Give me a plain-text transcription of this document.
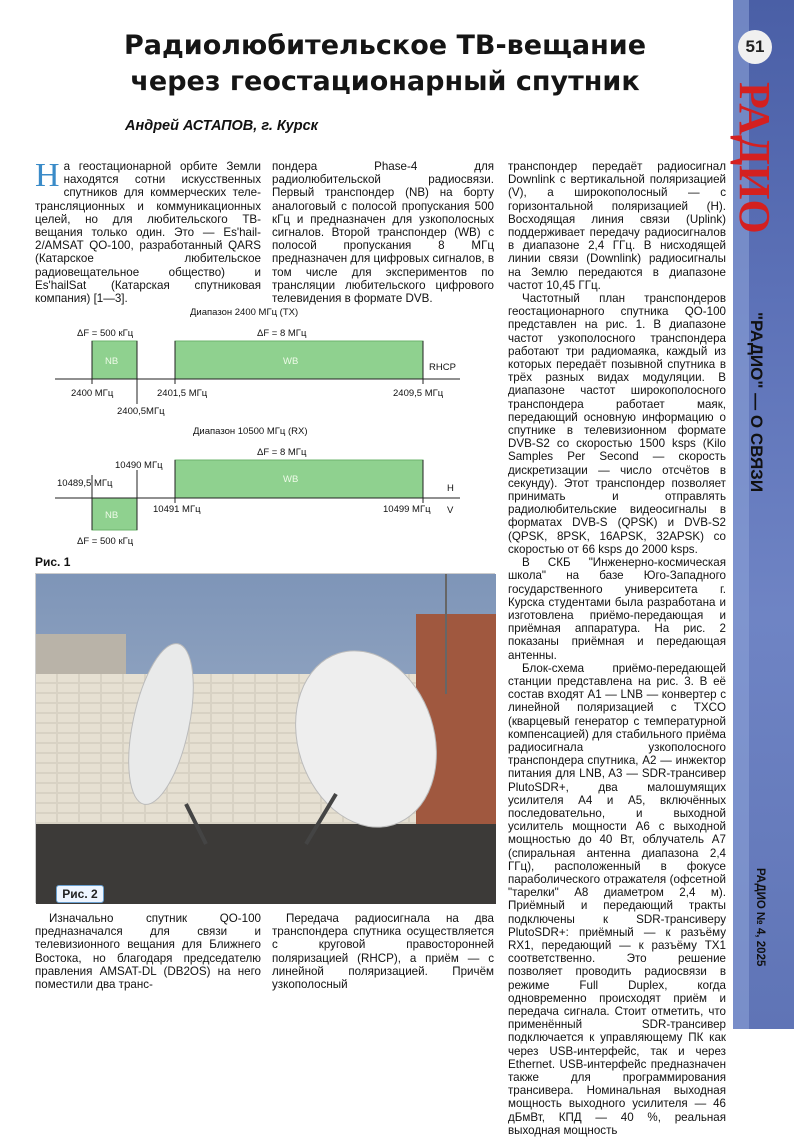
51
РАДИО
"РАДИО" — О СВЯЗИ
РАДИО № 4, 2025
Радиолюбительское ТВ-вещание
через геостационарный спутник
Андрей АСТАПОВ, г. Курск

На геостационарной орбите Земли находятся сотни искусственных спутников для коммерческих теле-трансляционных и коммуникационных целей, но для любительского ТВ-вещания только один. Это — Es'hail-2/AMSAT QO-100, разработанный QARS (Катарское любительское радиовещательное общество) и Es'hailSat (Катарская спутниковая компания) [1—3].

пондера Phase-4 для радиолюбительской радиосвязи. Первый транспондер (NB) на борту аналоговый с полосой пропускания 500 кГц и предназначен для узкополосных сигналов. Второй транспондер (WB) с полосой пропускания 8 МГц предназначен для цифровых сигналов, в том числе для экспериментов по трансляции любительского цифрового телевидения в формате DVB.

транспондер передаёт радиосигнал Downlink с вертикальной поляризацией (V), а широкополосный — с горизонтальной поляризацией (H). Восходящая линия связи (Uplink) поддерживает передачу радиосигналов в диапазоне 2,4 ГГц. В нисходящей линии связи (Downlink) радиосигналы на Землю передаются в диапазоне частот 10,45 ГГц.

Частотный план транспондеров геостационарного спутника QO-100 представлен на рис. 1. В диапазоне частот узкополосного транспондера работают три радиомаяка, каждый из которых передаёт позывной спутника в трёх разных видах модуляции. В диапазоне частот широкополосного транспондера работает маяк, передающий основную информацию о спутнике в телевизионном формате DVB-S2 со скоростью 1500 ksps (Kilo Samples Per Second — скорость дискретизации — число отсчётов в секунду). Этот транспондер позволяет принимать и отправлять радиолюбительские видеосигналы в форматах DVB-S (QPSK) и DVB-S2 (QPSK, 8PSK, 16APSK, 32APSK) со скоростью от 66 ksps до 2000 ksps.

В СКБ "Инженерно-космическая школа" на базе Юго-Западного государственного университета г. Курска студентами была разработана и изготовлена приёмо-передающая и приёмная аппаратура. На рис. 2 показаны приёмная и передающая антенны.

Блок-схема приёмо-передающей станции представлена на рис. 3. В её состав входят A1 — LNB — конвертер с линейной поляризацией с TXCO (кварцевый генератор с температурной компенсацией) для стабильного приёма радиосигнала узкополосного транспондера спутника, A2 — инжектор питания для LNB, A3 — SDR-трансивер PlutoSDR+, два малошумящих усилителя A4 и A5, включённых последовательно, и выходной усилитель мощности A6 с выходной мощностью до 40 Вт, облучатель A7 (спиральная антенна диапазона 2,4 ГГц), расположенный в фокусе параболического отражателя (офсетной "тарелки" A8 диаметром 2,4 м). Приёмный и передающий тракты подключены к SDR-трансиверу PlutoSDR+: приёмный — к разъёму RX1, передающий — к разъёму TX1 соответственно. Это решение позволяет проводить радиосвязи в режиме Full Duplex, когда одновременно происходят приём и передача сигнала. Стоит отметить, что применённый SDR-трансивер подключается к управляющему ПК как через USB-интерфейс, так и через Ethernet. USB-интерфейс предназначен также для программирования трансивера. Номинальная выходная мощность выходного усилителя — 46 дБмВт, КПД — 40 %, реальная выходная мощность

Диапазон 2400 МГц (TX)
ΔF = 500 кГц	ΔF = 8 МГц
NB	WB
RHCP
2400 МГц	2401,5 МГц	2409,5 МГц
2400,5МГц
Диапазон 10500 МГц (RX)
ΔF = 8 МГц
10490 МГц
10489,5 МГц	WB
NB
H
V
10491 МГц	10499 МГц
ΔF = 500 кГц
Рис. 1
Рис. 2

Изначально спутник QO-100 предназначался для связи и телевизионного вещания для Ближнего Востока, но благодаря председателю правления AMSAT-DL (DB2OS) на него поместили два транс-

Передача радиосигнала на два транспондера спутника осуществляется с круговой правосторонней поляризацией (RHCP), а приём — с линейной поляризацией. Причём узкополосный
